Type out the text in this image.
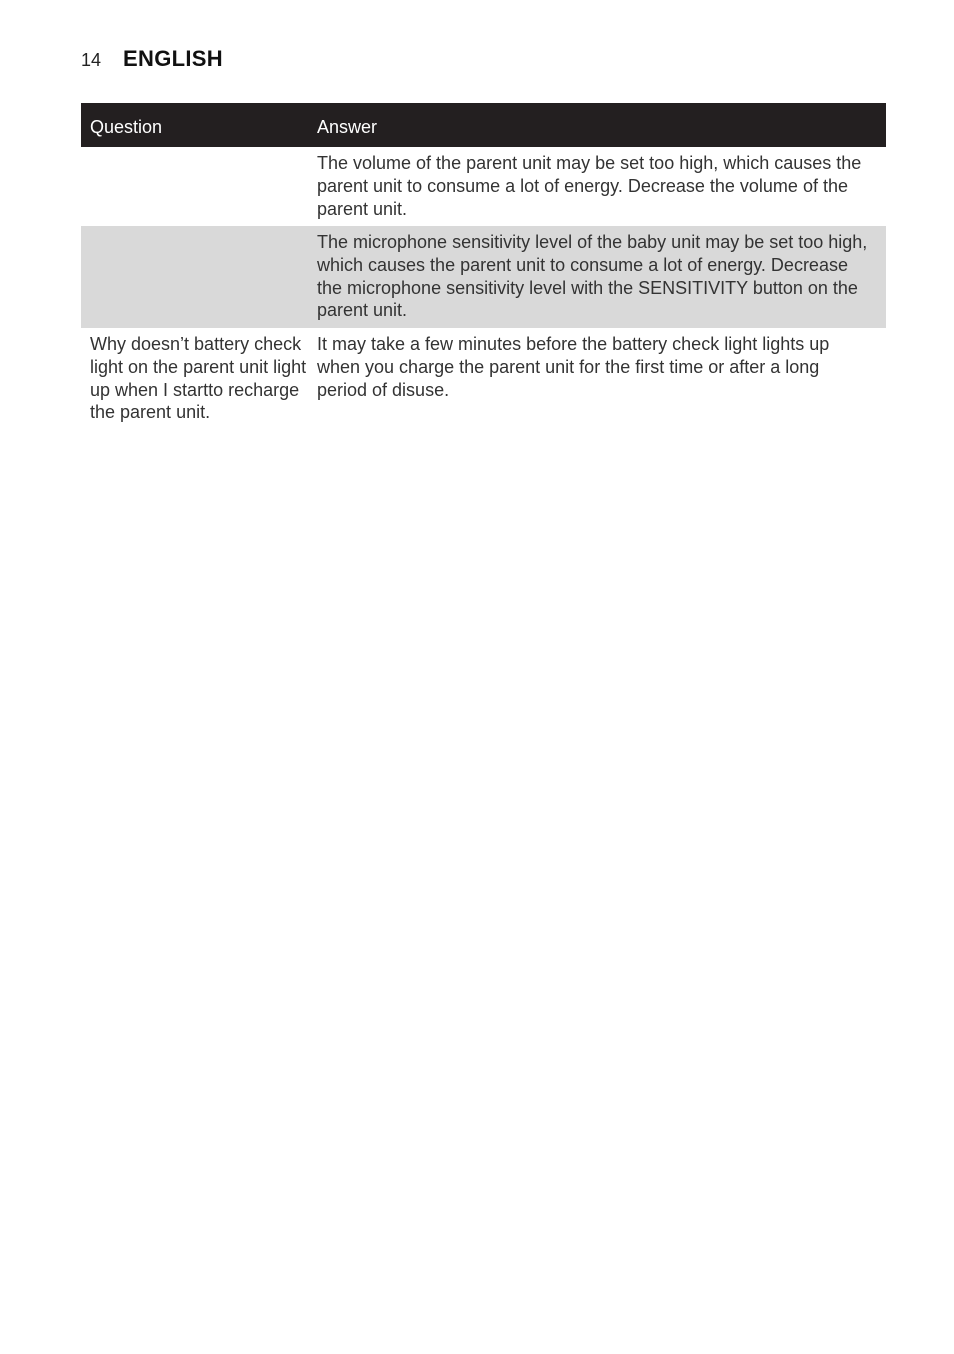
14 ENGLISH
Question	Answer
The volume of the parent unit may be set too high, which causes the parent unit to consume a lot of energy. Decrease the volume of the parent unit.
The microphone sensitivity level of the baby unit may be set too high, which causes the parent unit to consume a lot of energy. Decrease the microphone sensitivity level with the SENSITIVITY button on the parent unit.
Why doesn’t battery check light on the parent unit light up when I startto recharge the parent unit.
It may take a few minutes before the battery check light lights up when you charge the parent unit for the first time or after a long period of disuse.
